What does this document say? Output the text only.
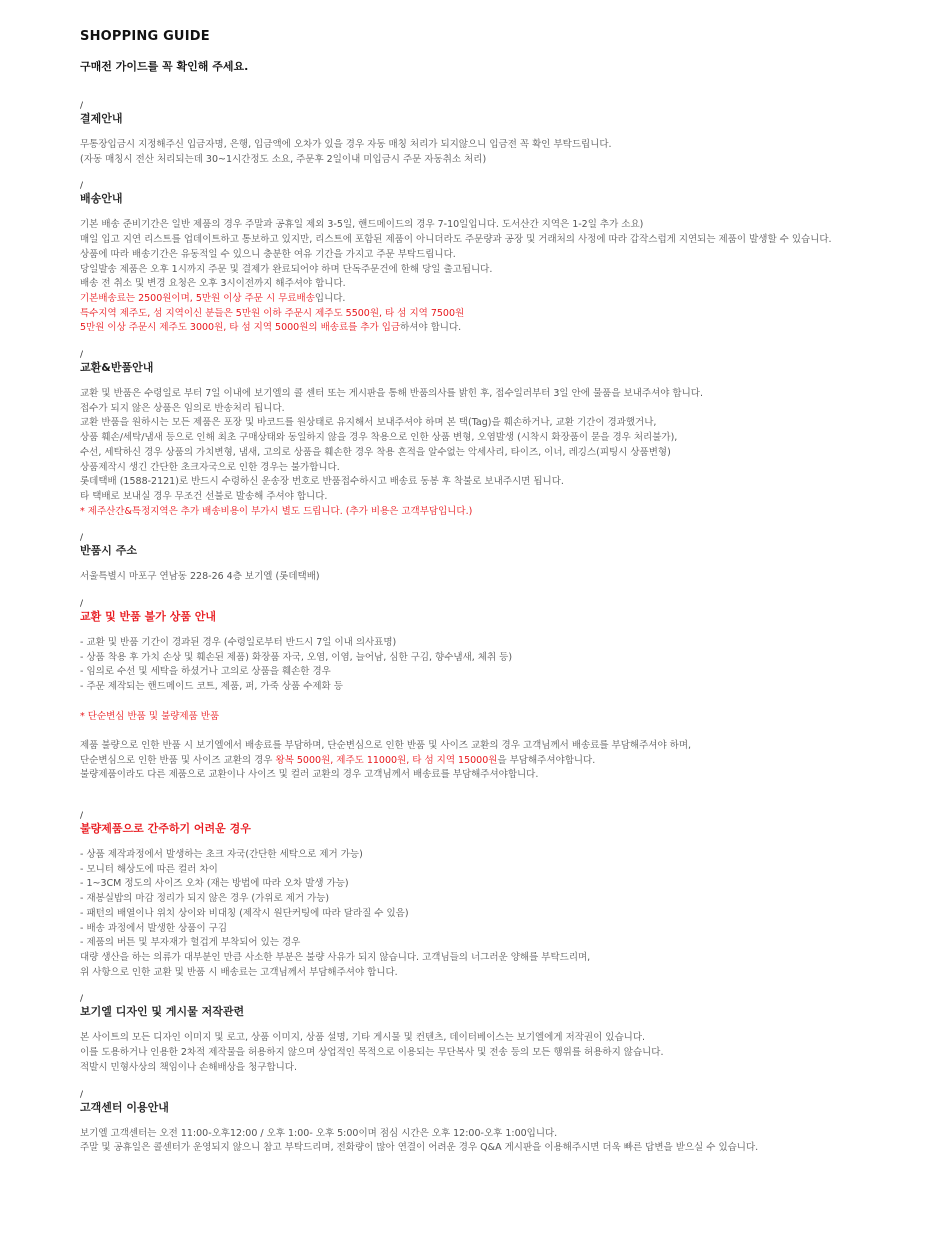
SHOPPING GUIDE
구매전 가이드를 꼭 확인해 주세요.
/
결제안내
무통장입금시 지정해주신 입금자명, 은행, 입금액에 오차가 있을 경우 자동 매칭 처리가 되지않으니 입금전 꼭 확인 부탁드립니다.
(자동 매칭시 전산 처리되는데 30~1시간정도 소요, 주문후 2일이내 미입금시 주문 자동취소 처리)
/
배송안내
기본 배송 준비기간은 일반 제품의 경우 주말과 공휴일 제외 3-5일, 핸드메이드의 경우 7-10일입니다. 도서산간 지역은 1-2일 추가 소요)
매일 입고 지연 리스트를 업데이트하고 통보하고 있지만, 리스트에 포함된 제품이 아니더라도 주문량과 공장 및 거래처의 사정에 따라 갑작스럽게 지연되는 제품이 발생할 수 있습니다.
상품에 따라 배송기간은 유동적일 수 있으니 충분한 여유 기간을 가지고 주문 부탁드립니다.
당일발송 제품은 오후 1시까지 주문 및 결제가 완료되어야 하며 단독주문건에 한해 당일 출고됩니다.
배송 전 취소 및 변경 요청은 오후 3시이전까지 해주셔야 합니다.
기본배송료는 2500원이며, 5만원 이상 주문 시 무료배송입니다.
특수지역 제주도, 섬 지역이신 분들은 5만원 이하 주문시 제주도 5500원, 타 섬 지역 7500원
5만원 이상 주문시 제주도 3000원, 타 섬 지역 5000원의 배송료를 추가 입금하셔야 합니다.
/
교환&반품안내
교환 및 반품은 수령일로 부터 7일 이내에 보기엘의 콜 센터 또는 게시판을 통해 반품의사를 밝힌 후, 접수일러부터 3일 안에 물품을 보내주셔야 합니다.
접수가 되지 않은 상품은 임의로 반송처리 됩니다.
교환 반품을 원하시는 모든 제품은 포장 및 바코드를 원상태로 유지해서 보내주셔야 하며 본 택(Tag)을 훼손하거나, 교환 기간이 경과했거나,
상품 훼손/세탁/냄새 등으로 인해 최초 구매상태와 동일하지 않을 경우 착용으로 인한 상품 변형, 오염발생 (시착시 화장품이 묻을 경우 처리불가),
수선, 세탁하신 경우 상품의 가치변형, 냄새, 고의로 상품을 훼손한 경우 착용 흔적을 알수없는 악세사리, 타이즈, 이너, 레깅스(피팅시 상품변형)
상품제작시 생긴 간단한 초크자국으로 인한 경우는 불가합니다.
롯데택배 (1588-2121)로 반드시 수령하신 운송장 번호로 반품접수하시고 배송료 동봉 후 착불로 보내주시면 됩니다.
타 택배로 보내실 경우 무조건 선불로 발송해 주셔야 합니다.
* 제주산간&특정지역은 추가 배송비용이 부가시 별도 드립니다. (추가 비용은 고객부담입니다.)
/
반품시 주소
서울특별시 마포구 연남동 228-26 4층 보기엘 (롯데택배)
/
교환 및 반품 불가 상품 안내
- 교환 및 반품 기간이 경과된 경우 (수령일로부터 반드시 7일 이내 의사표명)
- 상품 착용 후 가치 손상 및 훼손된 제품) 화장품 자국, 오염, 이염, 늘어남, 심한 구김, 향수냄새, 체취 등)
- 임의로 수선 및 세탁을 하셨거나 고의로 상품을 훼손한 경우
- 주문 제작되는 핸드메이드 코트, 제품, 퍼, 가죽 상품 수제화 등
* 단순변심 반품 및 불량제품 반품
제품 불량으로 인한 반품 시 보기엘에서 배송료를 부담하며, 단순변심으로 인한 반품 및 사이즈 교환의 경우 고객님께서 배송료를 부담해주셔야 하며,
단순변심으로 인한 반품 및 사이즈 교환의 경우 왕복 5000원, 제주도 11000원, 타 섬 지역 15000원을 부담해주셔야합니다.
불량제품이라도 다른 제품으로 교환이나 사이즈 및 컬러 교환의 경우 고객님께서 배송료를 부담해주셔야합니다.
/
불량제품으로 간주하기 어려운 경우
- 상품 제작과정에서 발생하는 초크 자국(간단한 세탁으로 제거 가능)
- 모니터 해상도에 따른 컬러 차이
- 1~3CM 정도의 사이즈 오차 (재는 방법에 따라 오차 발생 가능)
- 재봉실밥의 마감 정리가 되지 않은 경우 (가위로 제거 가능)
- 패턴의 배열이나 위치 상이와 비대칭 (제작시 원단커팅에 따라 달라질 수 있음)
- 배송 과정에서 발생한 상품이 구김
- 제품의 버튼 및 부자재가 헐겁게 부착되어 있는 경우
대량 생산을 하는 의류가 대부분인 만큼 사소한 부분은 불량 사유가 되지 않습니다. 고객님들의 너그러운 양해를 부탁드리며,
위 사항으로 인한 교환 및 반품 시 배송료는 고객님께서 부담해주셔야 합니다.
/
보기엘 디자인 및 게시물 저작관련
본 사이트의 모든 디자인 이미지 및 로고, 상품 이미지, 상품 설명, 기타 게시물 및 컨텐츠, 데이터베이스는 보기엘에게 저작권이 있습니다.
이를 도용하거나 인용한 2차적 제작물을 허용하지 않으며 상업적인 목적으로 이용되는 무단복사 및 전송 등의 모든 행위를 허용하지 않습니다.
적발시 민형사상의 책임이나 손해배상을 청구합니다.
/
고객센터 이용안내
보기엘 고객센터는 오전 11:00-오후12:00 / 오후 1:00- 오후 5:00이며 점심 시간은 오후 12:00-오후 1:00입니다.
주말 및 공휴일은 콜센터가 운영되지 않으니 참고 부탁드리며, 전화량이 많아 연결이 어려운 경우 Q&A 게시판을 이용해주시면 더욱 빠른 답변을 받으실 수 있습니다.
